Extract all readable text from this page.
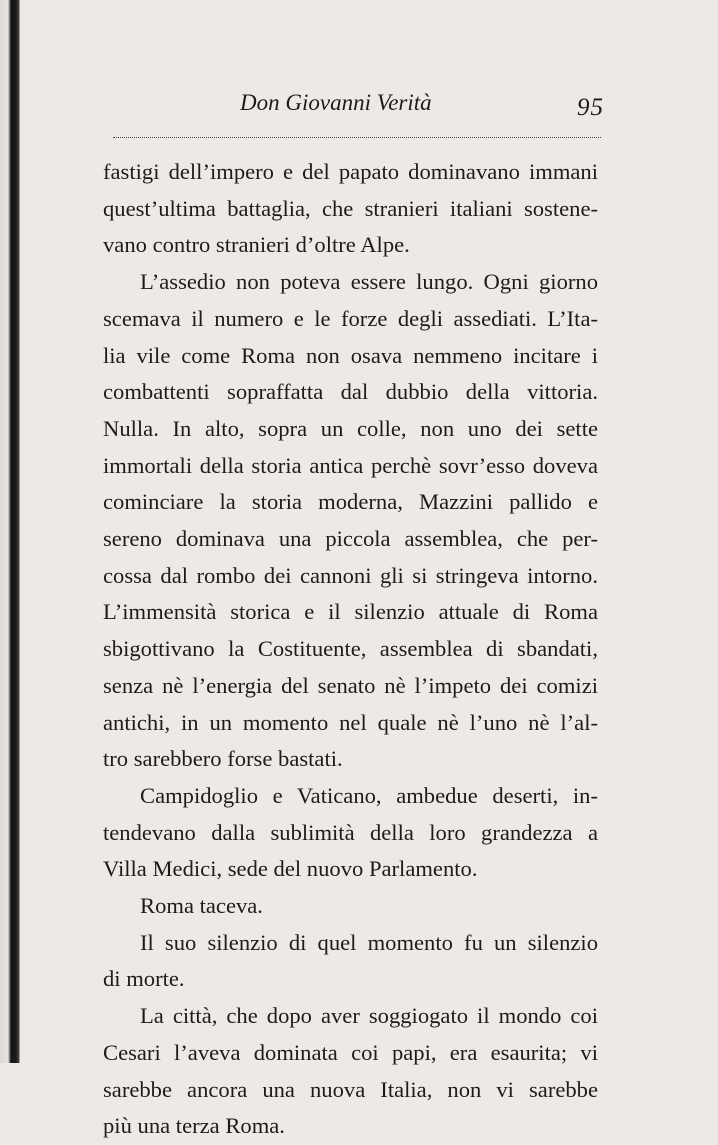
Don Giovanni Verità	95
fastigi dell’impero e del papato dominavano immani
quest’ultima battaglia, che stranieri italiani sostene-
vano contro stranieri d’oltre Alpe.
L’assedio non poteva essere lungo. Ogni giorno
scemava il numero e le forze degli assediati. L’Ita-
lia vile come Roma non osava nemmeno incitare i
combattenti sopraffatta dal dubbio della vittoria.
Nulla. In alto, sopra un colle, non uno dei sette
immortali della storia antica perchè sovr’esso doveva
cominciare la storia moderna, Mazzini pallido e
sereno dominava una piccola assemblea, che per-
cossa dal rombo dei cannoni gli si stringeva intorno.
L’immensità storica e il silenzio attuale di Roma
sbigottivano la Costituente, assemblea di sbandati,
senza nè l’energia del senato nè l’impeto dei comizi
antichi, in un momento nel quale nè l’uno nè l’al-
tro sarebbero forse bastati.
Campidoglio e Vaticano, ambedue deserti, in-
tendevano dalla sublimità della loro grandezza a
Villa Medici, sede del nuovo Parlamento.
Roma taceva.
Il suo silenzio di quel momento fu un silenzio
di morte.
La città, che dopo aver soggiogato il mondo coi
Cesari l’aveva dominata coi papi, era esaurita; vi
sarebbe ancora una nuova Italia, non vi sarebbe
più una terza Roma.
